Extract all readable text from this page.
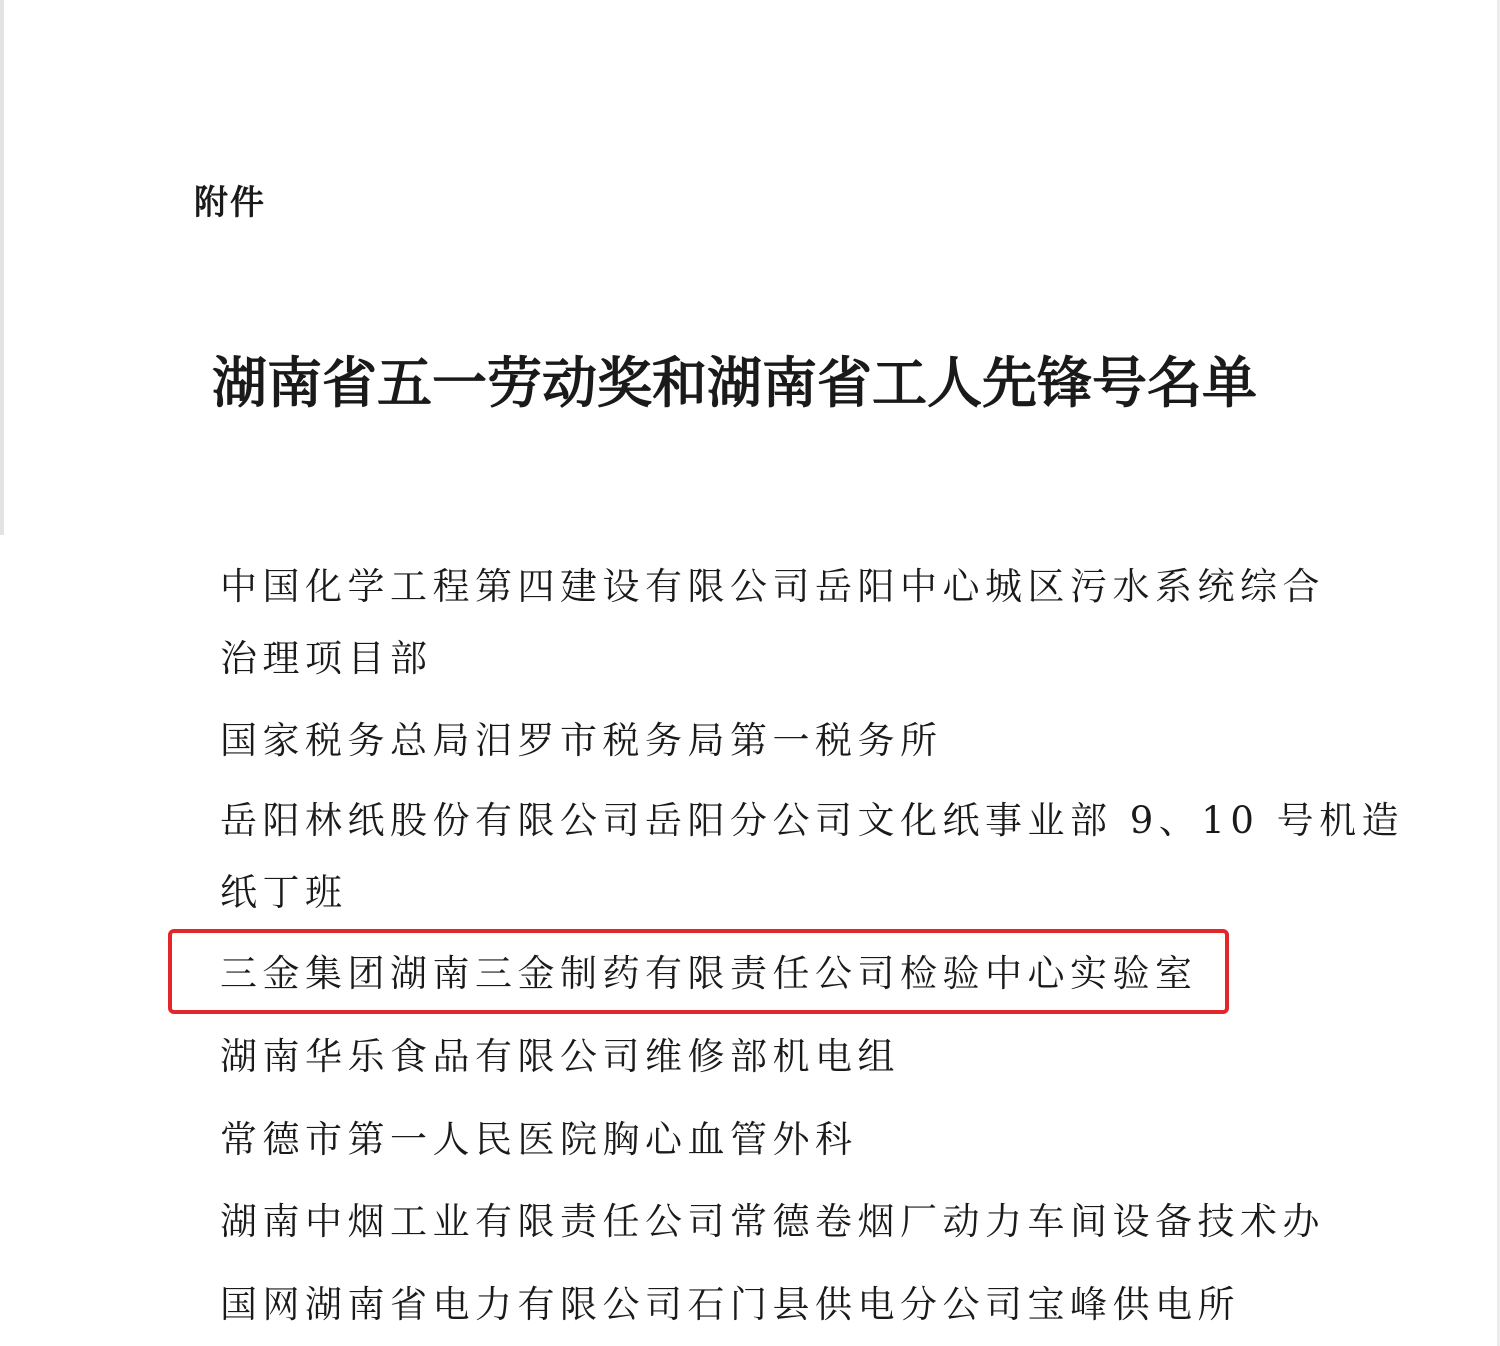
附件
湖南省五一劳动奖和湖南省工人先锋号名单
中国化学工程第四建设有限公司岳阳中心城区污水系统综合
治理项目部
国家税务总局汨罗市税务局第一税务所
岳阳林纸股份有限公司岳阳分公司文化纸事业部 9、10 号机造
纸丁班
三金集团湖南三金制药有限责任公司检验中心实验室
湖南华乐食品有限公司维修部机电组
常德市第一人民医院胸心血管外科
湖南中烟工业有限责任公司常德卷烟厂动力车间设备技术办
国网湖南省电力有限公司石门县供电分公司宝峰供电所
